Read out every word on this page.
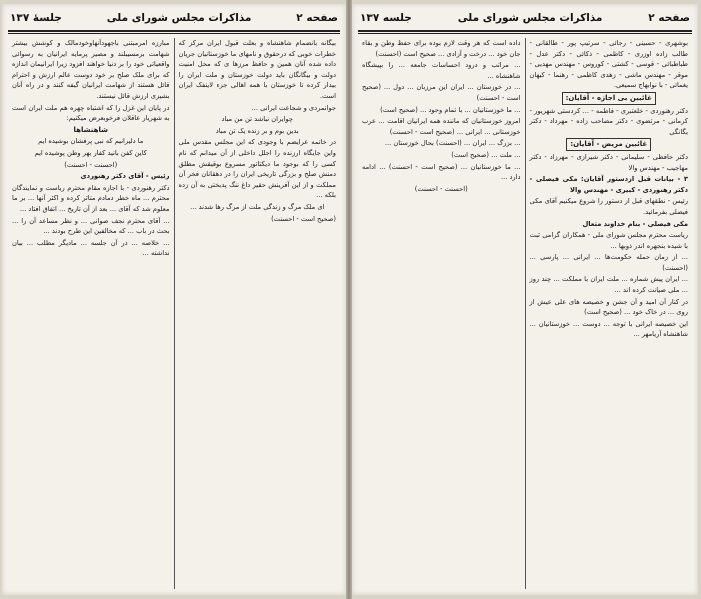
صفحه ۲
مذاکرات مجلس شورای ملی
جلسهٔ ۱۳۷

بیگانه بانضمام شاهنشاه و بعلت قبول ایران مرکز که خطرات خوبی که درحقوق و نامهای ما خوزستانیان جریان داده شده آنان همین و حافظ مرزها ی که محل امنیت دولت و بیگانگان باید دولت خوزستان و ملت ایران را بیدار کرده تا خوزستان با همه اهالی جزء لاینفک ایران است.

جوانمردی و شجاعت ایرانی ...

چوایران نباشد تن من مباد

بدین بوم و بر زنده یک تن مباد

در خاتمه عرایضم با وجودی که این مجلس مقدس ملی واین جایگاه ارزنده را اجلل داخلی از آن میدانم که نام کسی را که بوجود ما دیکتاتور مسروع بوقیقش مطلق دمنش صلح و بزرگی تاریخی ایران را در دهقانان فخر آن مملکت و از این آفرینش حقیر داغ ننگ پدبختی به آن زده بلکه ...

ای ملک مرگ و زندگی ملت از مرگ رها شدند ...

(صحیح است - احسنت)

مبارزه امرمبتنی باجهودآنهاوخودمالک و کوشش بیشتر شهامت برمسیبلند و مصیر پرمایه ایرانیان به رسوائی واقعیاتی خود را بر دنیا خواهند افزود زیرا ایرانیمان اندازه که برای ملک صلح بر خود دوست عالم ارزش و احترام قائل هستند از شهامت ایرانیان گیفه کنند و در راه آنان بشیزی ارزش قائل نیستند.

در پایان این غزل را که اشتباه چهره هم ملت ایران است به شهریار عاقلان فرخوبعرض میکنیم:

شاهنشاها

ما دلیرانیم که نبی پرفشان بوشیده ایم

کاین کفن بانید کفار بهر وطن پوشیده ایم

(احسنت - احسنت)

رئیس - آقای دکتر رهنوردی

دکتر رهنوردی - با اجازه مقام محترم ریاست و نمایندگان محترم ... ماه خطر دمادم متاثر کرده و اکثر آنها ... بر ما معلوم شد که آقای ... بعد از آن تاریخ ... اتفاق افتاد ...

... آقای محترم نجف صوانی ... و نظر مساعد آن را ... بحث در باب ... که مخالفین این طرح بودند ...

... خلاصه ... در آن جلسه ... مادیگر مطلب ... بیان نداشته ...

صفحه ۲
مذاکرات مجلس شورای ملی
جلسه ۱۳۷

بوشهری - حسینی - رجائی - سرتیپ پور - طالقانی - طالب زاده اوزری - کاظمی - ذکائی - دکتر عدل - طباطبائی - قوسی - کشتی - کوروس - مهندس مهدیی - موقر - مهندس ماشی - زهدی کاظمی - رهنما - کیهان یغمائی - با نوابهاج سمیعی.

غائبین بی اجازه - آقایان:

دکتر رهنوردی - خلعتبری - فاطمه - ... کردستی شهریور - کرمانی - مرتضوی - دکتر مصاحب زاده - مهرداد - دکتر یگانگی

غائبین مریض - آقایان:

دکتر حافظی - سلیمانی - دکتر شیرازی - مهرزاد - دکتر مهاجیب - مهندس والا

۳ - بیانات قبل ازدستور آقایان: مکی فیصلی - دکتر رهنوردی - کبیری - مهندس والا

رئیس - نطقهای قبل از دستور را شروع میکنیم آقای مکی فیصلی بفرمائید.

مکی فیصلی - بنام خداوند متعال

ریاست محترم مجلس شورای ملی - همکاران گرامی ثبت با شیده بنجهره اندر ذوبها ...

... از زمان حمله حکومت‌ها ... ایرانی ... پارسی ... (احسنت)

... ایران پیش شماره ... ملت ایران با مملکت ... چند روز ... ملی صیانت کرده اند ...

در کنار آن امید و آن جشن و خصیصه های علی عیش از روی ... در خاک خود ... (صحیح است)

این خصیصه ایرانی با توجه ... دوست ... خوزستانیان ... شاهنشاه آریامهر ...

داده است که هر وقت لازم بوده برای حفظ وطن و بقاء جان خود ... درخت و آزادی ... صحیح است (احسنت)

... مراتب و درود احساسات جامعه ... را بپیشگاه شاهنشاه ...

... در خوزستان ... ایران این مرزبان ... دول ... (صحیح است - احسنت)

... ما خوزستانیان ... با تمام وجود ... (صحیح است)

امروز خوزستانیان که ماننده همه ایرانیان اقامت ... عرب خوزستانی ... ایرانی ... (صحیح است - احسنت)

... بزرگ ... ایران ... (احسنت) بحال خوزستان ...

... ملت ... (صحیح است)

... ما خوزستانیان ... (صحیح است - احسنت) ... ادامه دارد ...

(احسنت - احسنت)
